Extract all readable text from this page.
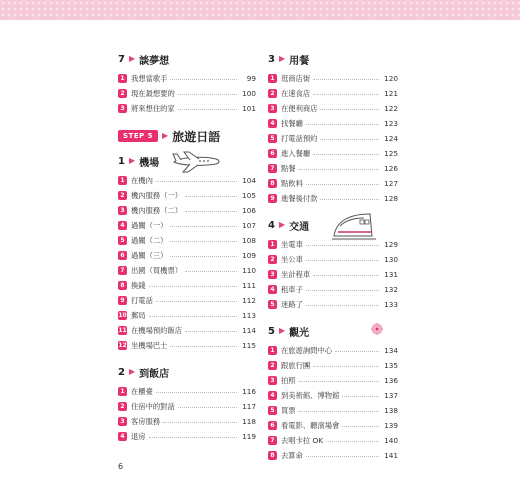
7 ▶ 談夢想
1 我想當歌手	99
2 現在最想要的	100
3 將來想住的家	101
STEP 5	▶ 旅遊日語
1 ▶ 機場
1 在機內	104
2 機內服務（一）	105
3 機內服務（二）	106
4 過關（一）	107
5 過關（二）	108
6 過關（三）	109
7 出國（買機票）	110
8 換錢	111
9 打電話	112
10 郵局	113
11 在機場預約飯店	114
12 坐機場巴士	115
2 ▶ 到飯店
1 在櫃臺	116
2 住宿中的對話	117
3 客房服務	118
4 退房	119
3 ▶ 用餐
1 逛商店街	120
2 在速食店	121
3 在便利商店	122
4 找餐廳	123
5 打電話預約	124
6 進入餐廳	125
7 點餐	126
8 點飲料	127
9 進餐後付款	128
4 ▶ 交通
1 坐電車	129
2 坐公車	130
3 坐計程車	131
4 租車子	132
5 迷路了	133
5 ▶ 觀光
1 在旅遊詢問中心	134
2 跟旅行團	135
3 拍照	136
4 到美術館、博物館	137
5 買票	138
6 看電影、聽演場會	139
7 去唱卡拉 OK	140
8 去算命	141
6
